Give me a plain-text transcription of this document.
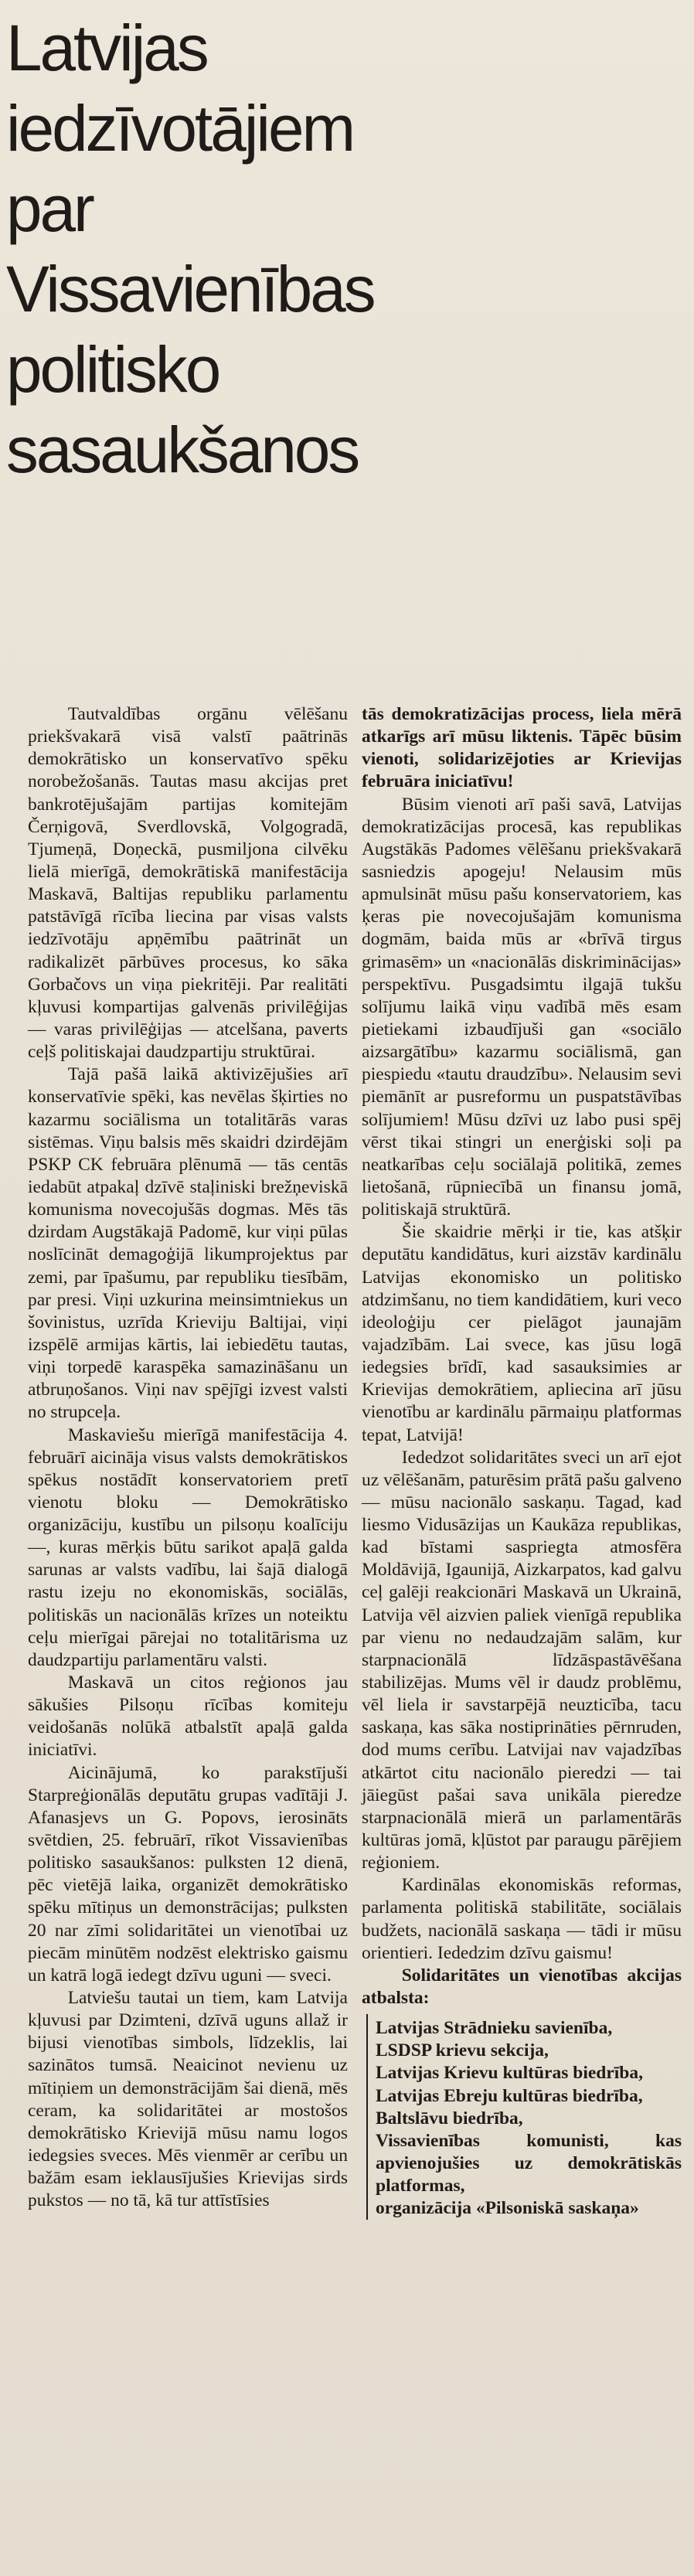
Latvijas
iedzīvotājiem
par
Vissavienības
politisko
sasaukšanos

Tautvaldības orgānu vēlēšanu priekšvakarā visā valstī paātrinās demokrātisko un konservatīvo spēku norobežošanās. Tautas masu akcijas pret bankrotējušajām partijas komitejām Čerņigovā, Sverdlovskā, Volgogradā, Tjumeņā, Doņeckā, pusmiljona cilvēku lielā mierīgā, demokrātiskā manifestācija Maskavā, Baltijas republiku parlamentu patstāvīgā rīcība liecina par visas valsts iedzīvotāju apņēmību paātrināt un radikalizēt pārbūves procesus, ko sāka Gorbačovs un viņa piekritēji. Par realitāti kļuvusi kompartijas galvenās privilēģijas — varas privilēģijas — atcelšana, paverts ceļš politiskajai daudzpartiju struktūrai.

Tajā pašā laikā aktivizējušies arī konservatīvie spēki, kas nevēlas šķirties no kazarmu sociālisma un totalitārās varas sistēmas. Viņu balsis mēs skaidri dzirdējām PSKP CK februāra plēnumā — tās centās iedabūt atpakaļ dzīvē staļiniski brežņeviskā komunisma novecojušās dogmas. Mēs tās dzirdam Augstākajā Padomē, kur viņi pūlas noslīcināt demagoģijā likumprojektus par zemi, par īpašumu, par republiku tiesībām, par presi. Viņi uzkurina meinsimtniekus un šovinistus, uzrīda Krieviju Baltijai, viņi izspēlē armijas kārtis, lai iebiedētu tautas, viņi torpedē karaspēka samazināšanu un atbruņošanos. Viņi nav spējīgi izvest valsti no strupceļa.

Maskaviešu mierīgā manifestācija 4. februārī aicināja visus valsts demokrātiskos spēkus nostādīt konservatoriem pretī vienotu bloku — Demokrātisko organizāciju, kustību un pilsoņu koalīciju —, kuras mērķis būtu sarikot apaļā galda sarunas ar valsts vadību, lai šajā dialogā rastu izeju no ekonomiskās, sociālās, politiskās un nacionālās krīzes un noteiktu ceļu mierīgai pārejai no totalitārisma uz daudzpartiju parlamentāru valsti.

Maskavā un citos reģionos jau sākušies Pilsoņu rīcības komiteju veidošanās nolūkā atbalstīt apaļā galda iniciatīvi.

Aicinājumā, ko parakstījuši Starpreģionālās deputātu grupas vadītāji J. Afanasjevs un G. Popovs, ierosināts svētdien, 25. februārī, rīkot Vissavienības politisko sasaukšanos: pulksten 12 dienā, pēc vietējā laika, organizēt demokrātisko spēku mītiņus un demonstrācijas; pulksten 20 nar zīmi solidaritātei un vienotībai uz piecām minūtēm nodzēst elektrisko gaismu un katrā logā iedegt dzīvu uguni — sveci.

Latviešu tautai un tiem, kam Latvija kļuvusi par Dzimteni, dzīvā uguns allaž ir bijusi vienotības simbols, līdzeklis, lai sazinātos tumsā. Neaicinot nevienu uz mītiņiem un demonstrācijām šai dienā, mēs ceram, ka solidaritātei ar mostošos demokrātisko Krievijā mūsu namu logos iedegsies sveces. Mēs vienmēr ar cerību un bažām esam ieklausījušies Krievijas sirds pukstos — no tā, kā tur attīstīsies

tās demokratizācijas process, liela mērā atkarīgs arī mūsu liktenis. Tāpēc būsim vienoti, solidarizējoties ar Krievijas februāra iniciatīvu!

Būsim vienoti arī paši savā, Latvijas demokratizācijas procesā, kas republikas Augstākās Padomes vēlēšanu priekšvakarā sasniedzis apogeju! Nelausim mūs apmulsināt mūsu pašu konservatoriem, kas ķeras pie novecojušajām komunisma dogmām, baida mūs ar «brīvā tirgus grimasēm» un «nacionālās diskriminācijas» perspektīvu. Pusgadsimtu ilgajā tukšu solījumu laikā viņu vadībā mēs esam pietiekami izbaudījuši gan «sociālo aizsargātību» kazarmu sociālismā, gan piespiedu «tautu draudzību». Nelausim sevi piemānīt ar pusreformu un puspatstāvības solījumiem! Mūsu dzīvi uz labo pusi spēj vērst tikai stingri un enerģiski soļi pa neatkarības ceļu sociālajā politikā, zemes lietošanā, rūpniecībā un finansu jomā, politiskajā struktūrā.

Šie skaidrie mērķi ir tie, kas atšķir deputātu kandidātus, kuri aizstāv kardinālu Latvijas ekonomisko un politisko atdzimšanu, no tiem kandidātiem, kuri veco ideoloģiju cer pielāgot jaunajām vajadzībām. Lai svece, kas jūsu logā iedegsies brīdī, kad sasauksimies ar Krievijas demokrātiem, apliecina arī jūsu vienotību ar kardinālu pārmaiņu platformas tepat, Latvijā!

Iededzot solidaritātes sveci un arī ejot uz vēlēšanām, paturēsim prātā pašu galveno — mūsu nacionālo saskaņu. Tagad, kad liesmo Vidusāzijas un Kaukāza republikas, kad bīstami saspriegta atmosfēra Moldāvijā, Igaunijā, Aizkarpatos, kad galvu ceļ galēji reakcionāri Maskavā un Ukrainā, Latvija vēl aizvien paliek vienīgā republika par vienu no nedaudzajām salām, kur starpnacionālā līdzāspastāvēšana stabilizējas. Mums vēl ir daudz problēmu, vēl liela ir savstarpējā neuzticība, tacu saskaņa, kas sāka nostiprināties pērnruden, dod mums cerību. Latvijai nav vajadzības atkārtot citu nacionālo pieredzi — tai jāiegūst pašai sava unikāla pieredze starpnacionālā mierā un parlamentārās kultūras jomā, kļūstot par paraugu pārējiem reģioniem.

Kardinālas ekonomiskās reformas, parlamenta politiskā stabilitāte, sociālais budžets, nacionālā saskaņa — tādi ir mūsu orientieri. Iededzim dzīvu gaismu!

Solidaritātes un vienotības akcijas atbalsta:

Latvijas Strādnieku savienība,
LSDSP krievu sekcija,
Latvijas Krievu kultūras biedrība,
Latvijas Ebreju kultūras biedrība,
Baltslāvu biedrība,
Vissavienības komunisti, kas apvienojušies uz demokrātiskās platformas,
organizācija «Pilsoniskā saskaņa»
